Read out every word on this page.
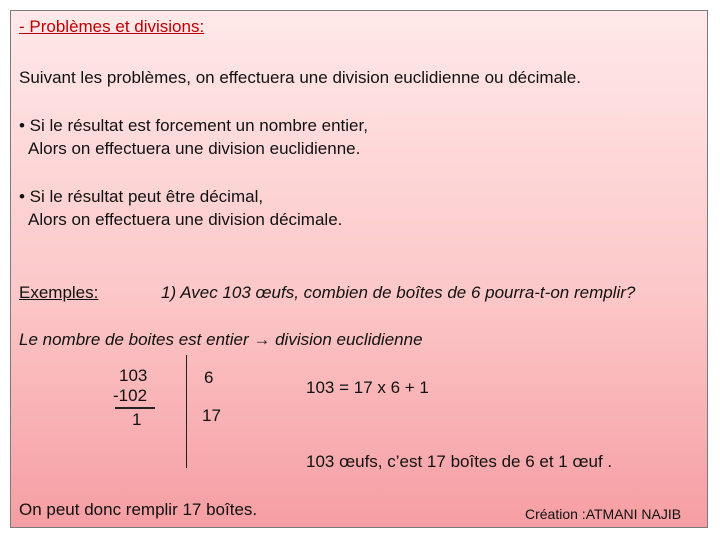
- Problèmes et divisions:
Suivant les problèmes, on effectuera une division euclidienne ou décimale.
• Si le résultat est forcement un nombre entier,
Alors on effectuera une division euclidienne.
• Si le résultat peut être décimal,
Alors on effectuera une division décimale.
Exemples:	1) Avec 103 œufs, combien de boîtes de 6 pourra-t-on remplir?
Le nombre de boites est entier → division euclidienne
103
-102
1
6
17
103 = 17 x 6 + 1
103 œufs, c’est 17 boîtes de 6 et 1 œuf .
On peut donc remplir 17 boîtes.	Création :ATMANI NAJIB
